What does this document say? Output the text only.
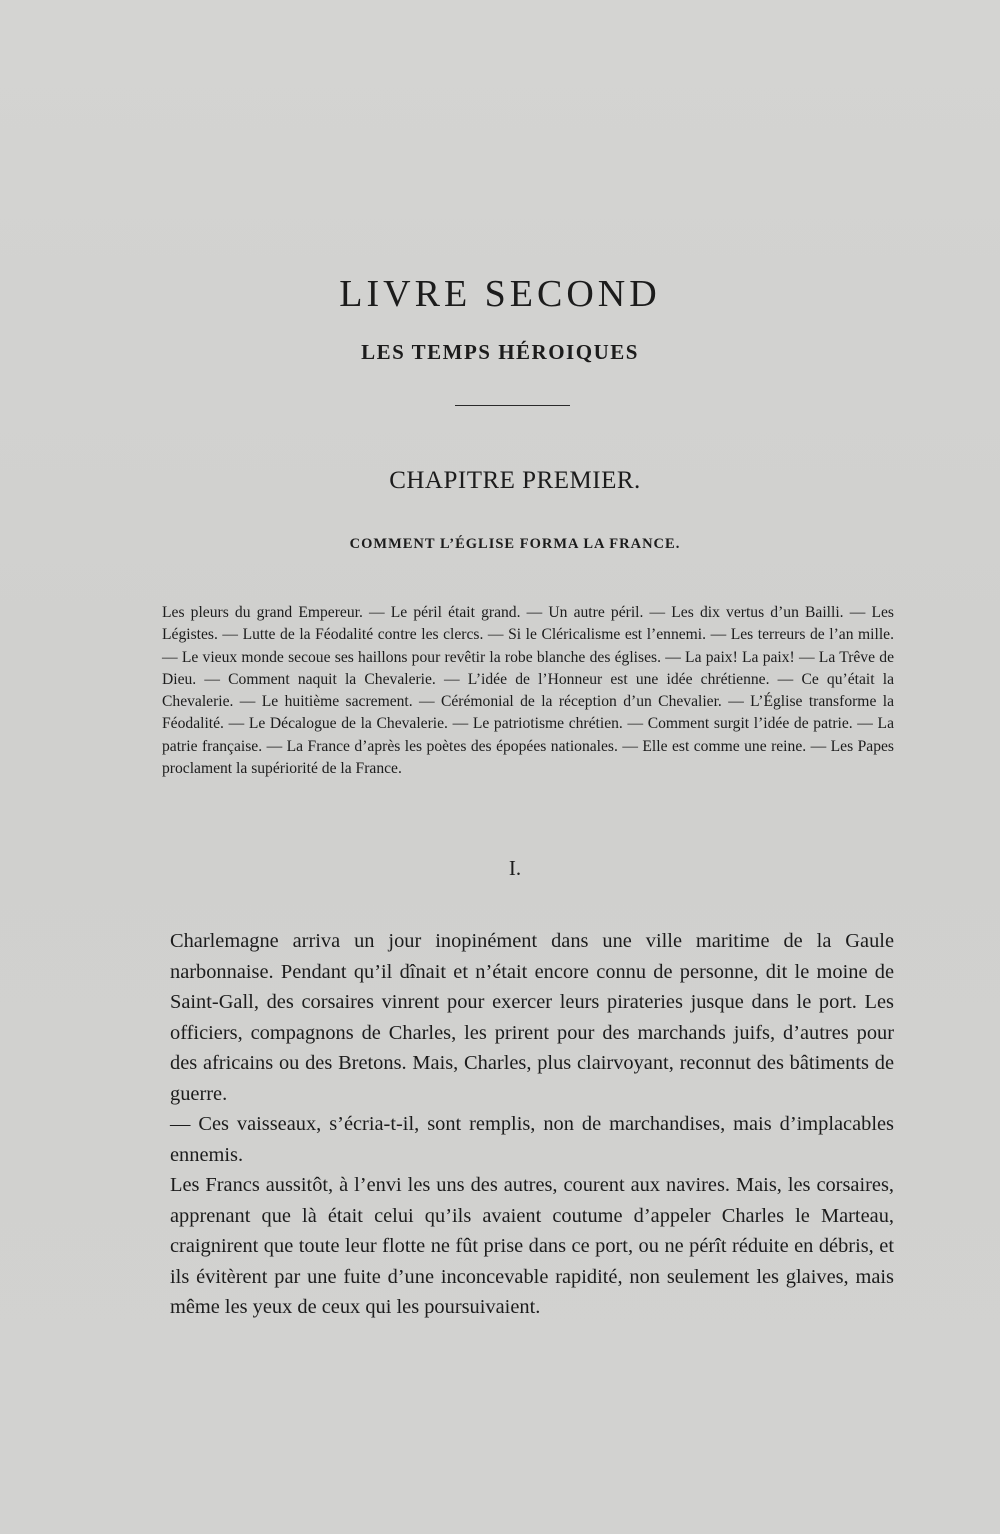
LIVRE SECOND
LES TEMPS HÉROIQUES
CHAPITRE PREMIER.
COMMENT L’ÉGLISE FORMA LA FRANCE.

Les pleurs du grand Empereur. — Le péril était grand. — Un autre péril. — Les dix vertus d’un Bailli. — Les Légistes. — Lutte de la Féodalité contre les clercs. — Si le Cléricalisme est l’ennemi. — Les terreurs de l’an mille. — Le vieux monde secoue ses haillons pour revêtir la robe blanche des églises. — La paix! La paix! — La Trêve de Dieu. — Comment naquit la Chevalerie. — L’idée de l’Honneur est une idée chrétienne. — Ce qu’était la Chevalerie. — Le huitième sacrement. — Cérémonial de la réception d’un Chevalier. — L’Église transforme la Féodalité. — Le Décalogue de la Chevalerie. — Le patriotisme chrétien. — Comment surgit l’idée de patrie. — La patrie française. — La France d’après les poètes des épopées nationales. — Elle est comme une reine. — Les Papes proclament la supériorité de la France.

I.

Charlemagne arriva un jour inopinément dans une ville maritime de la Gaule narbonnaise. Pendant qu’il dînait et n’était encore connu de personne, dit le moine de Saint-Gall, des corsaires vinrent pour exercer leurs pirateries jusque dans le port. Les officiers, compagnons de Charles, les prirent pour des marchands juifs, d’autres pour des africains ou des Bretons. Mais, Charles, plus clairvoyant, reconnut des bâtiments de guerre.

— Ces vaisseaux, s’écria-t-il, sont remplis, non de marchandises, mais d’implacables ennemis.

Les Francs aussitôt, à l’envi les uns des autres, courent aux navires. Mais, les corsaires, apprenant que là était celui qu’ils avaient coutume d’appeler Charles le Marteau, craignirent que toute leur flotte ne fût prise dans ce port, ou ne pérît réduite en débris, et ils évitèrent par une fuite d’une inconcevable rapidité, non seulement les glaives, mais même les yeux de ceux qui les poursuivaient.
